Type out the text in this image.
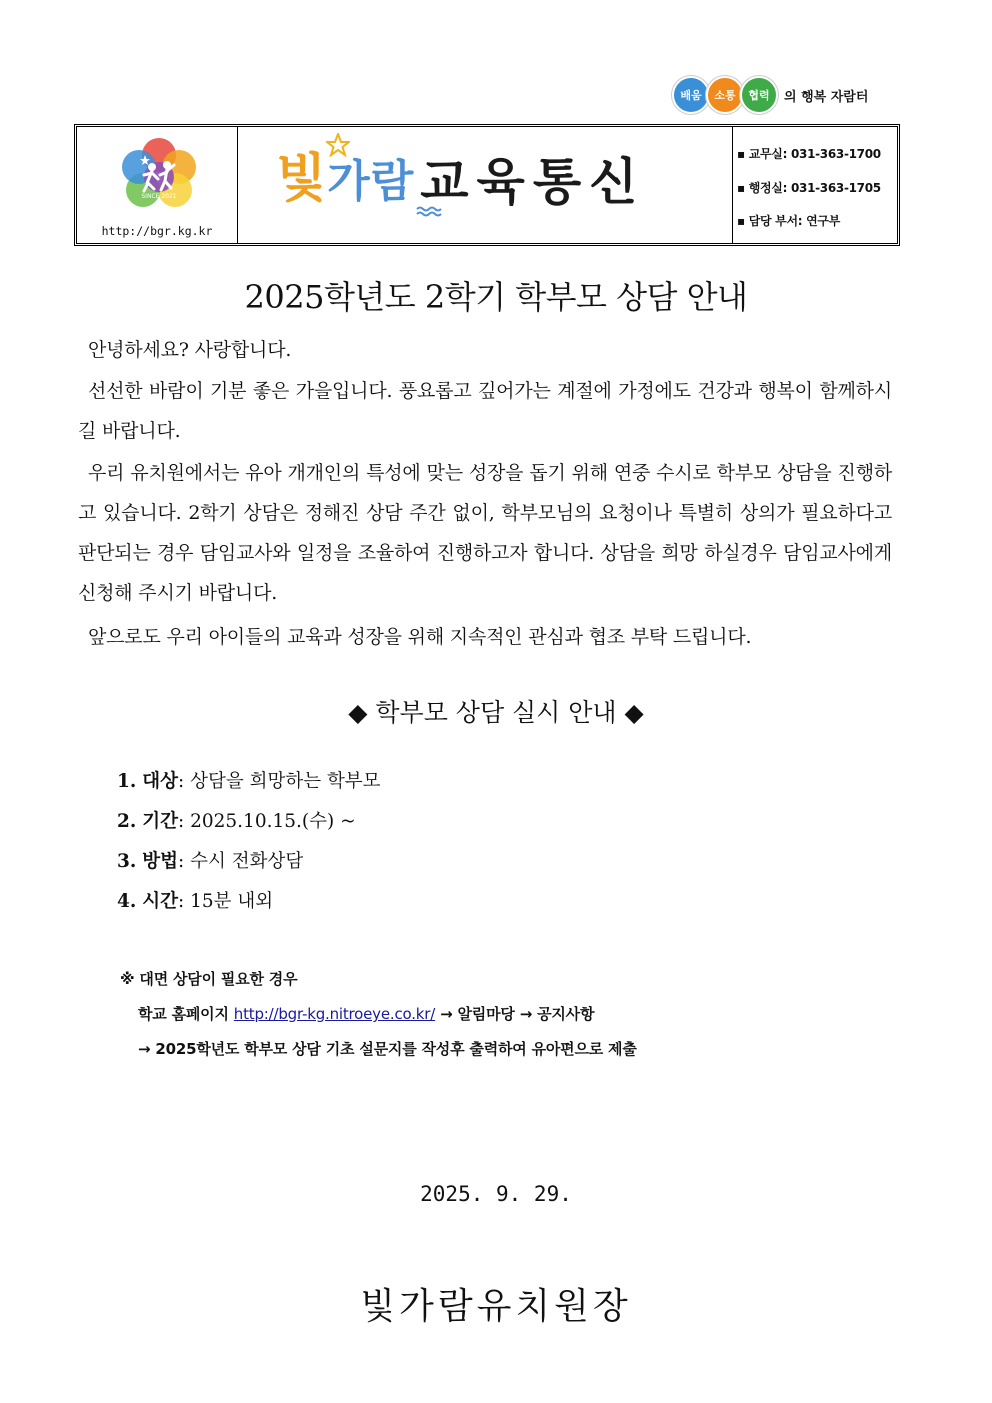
배움	소통	협력	의 행복 자람터
SINCE 2021
http://bgr.kg.kr
빛가람 교육통신	▪ 교무실: 031-363-1700
▪ 행정실: 031-363-1705
▪ 담당 부서: 연구부
2025학년도 2학기 학부모 상담 안내
안녕하세요? 사랑합니다.
선선한 바람이 기분 좋은 가을입니다. 풍요롭고 깊어가는 계절에 가정에도 건강과 행복이 함께하시길 바랍니다.
우리 유치원에서는 유아 개개인의 특성에 맞는 성장을 돕기 위해 연중 수시로 학부모 상담을 진행하고 있습니다. 2학기 상담은 정해진 상담 주간 없이, 학부모님의 요청이나 특별히 상의가 필요하다고 판단되는 경우 담임교사와 일정을 조율하여 진행하고자 합니다. 상담을 희망 하실경우 담임교사에게 신청해 주시기 바랍니다.
앞으로도 우리 아이들의 교육과 성장을 위해 지속적인 관심과 협조 부탁 드립니다.
◆ 학부모 상담 실시 안내 ◆
1. 대상: 상담을 희망하는 학부모
2. 기간: 2025.10.15.(수) ~
3. 방법: 수시 전화상담
4. 시간: 15분 내외
※ 대면 상담이 필요한 경우
학교 홈페이지 http://bgr-kg.nitroeye.co.kr/ → 알림마당 → 공지사항
→ 2025학년도 학부모 상담 기초 설문지를 작성후 출력하여 유아편으로 제출
2025. 9. 29.
빛가람유치원장
